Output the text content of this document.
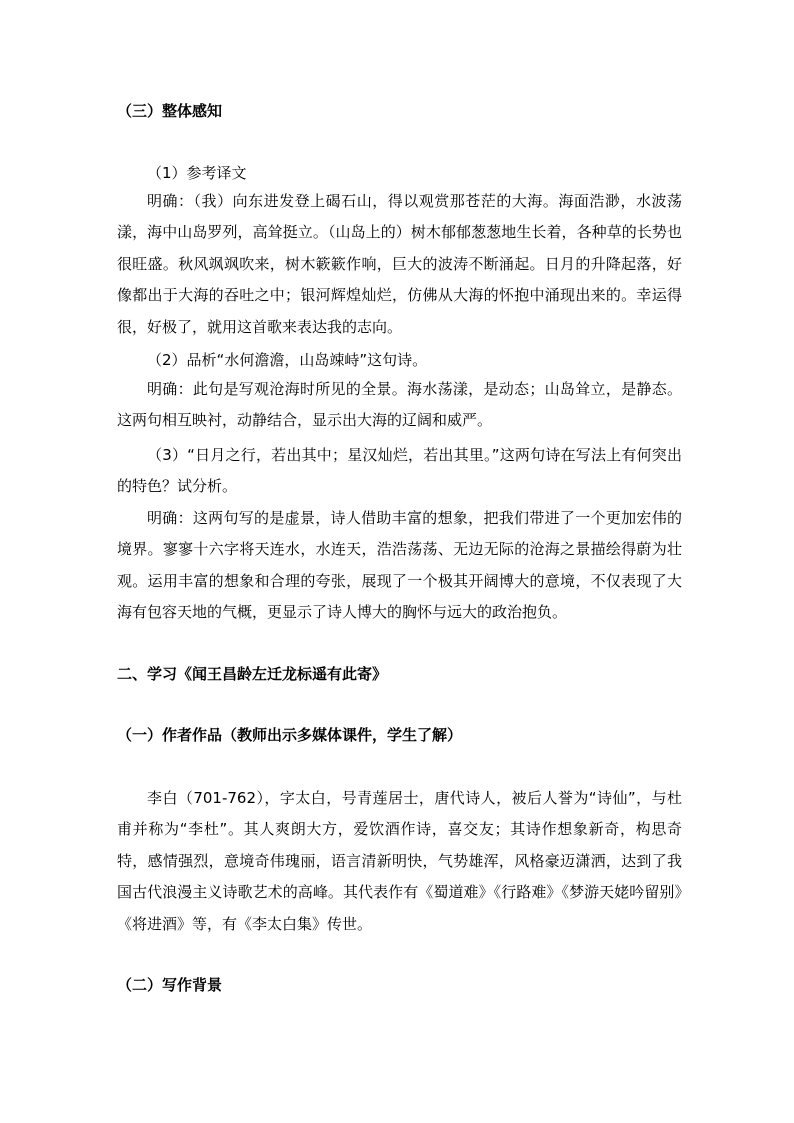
（三）整体感知
（1）参考译文

明确：（我）向东进发登上碣石山，得以观赏那苍茫的大海。海面浩渺，水波荡漾，海中山岛罗列，高耸挺立。（山岛上的）树木郁郁葱葱地生长着，各种草的长势也很旺盛。秋风飒飒吹来，树木簌簌作响，巨大的波涛不断涌起。日月的升降起落，好像都出于大海的吞吐之中；银河辉煌灿烂，仿佛从大海的怀抱中涌现出来的。幸运得很，好极了，就用这首歌来表达我的志向。

（2）品析“水何澹澹，山岛竦峙”这句诗。

明确：此句是写观沧海时所见的全景。海水荡漾，是动态；山岛耸立，是静态。这两句相互映衬，动静结合，显示出大海的辽阔和威严。

（3）“日月之行，若出其中；星汉灿烂，若出其里。”这两句诗在写法上有何突出的特色？试分析。

明确：这两句写的是虚景，诗人借助丰富的想象，把我们带进了一个更加宏伟的境界。寥寥十六字将天连水，水连天，浩浩荡荡、无边无际的沧海之景描绘得蔚为壮观。运用丰富的想象和合理的夸张，展现了一个极其开阔博大的意境，不仅表现了大海有包容天地的气概，更显示了诗人博大的胸怀与远大的政治抱负。

二、学习《闻王昌龄左迁龙标遥有此寄》
（一）作者作品（教师出示多媒体课件，学生了解）

李白（701-762），字太白，号青莲居士，唐代诗人，被后人誉为“诗仙”，与杜甫并称为“李杜”。其人爽朗大方，爱饮酒作诗，喜交友；其诗作想象新奇，构思奇特，感情强烈，意境奇伟瑰丽，语言清新明快，气势雄浑，风格豪迈潇洒，达到了我国古代浪漫主义诗歌艺术的高峰。其代表作有《蜀道难》《行路难》《梦游天姥吟留别》《将进酒》等，有《李太白集》传世。

（二）写作背景
